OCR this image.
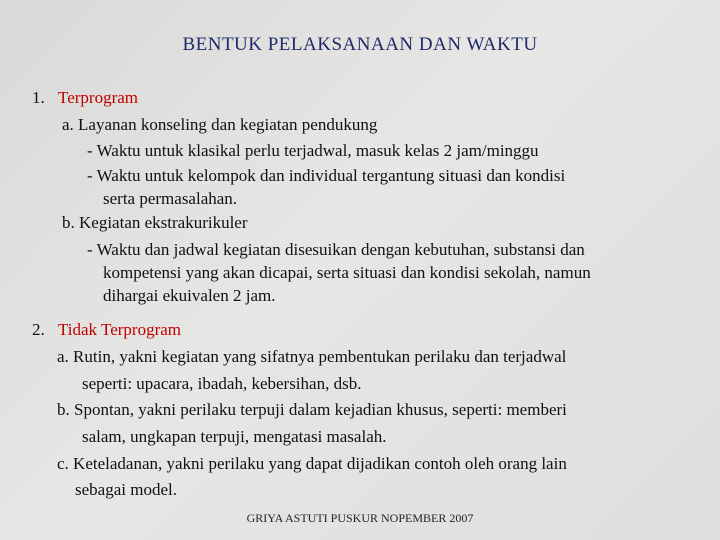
BENTUK PELAKSANAAN DAN WAKTU
1. Terprogram
a. Layanan konseling dan kegiatan pendukung
- Waktu untuk klasikal perlu terjadwal, masuk kelas 2 jam/minggu
- Waktu untuk kelompok dan individual tergantung situasi dan kondisi
serta permasalahan.
b. Kegiatan ekstrakurikuler
- Waktu dan jadwal kegiatan disesuikan dengan kebutuhan, substansi dan
kompetensi yang akan dicapai, serta situasi dan kondisi sekolah, namun
dihargai ekuivalen 2 jam.
2. Tidak Terprogram
a. Rutin, yakni kegiatan yang sifatnya pembentukan perilaku dan terjadwal
seperti: upacara, ibadah, kebersihan, dsb.
b. Spontan, yakni perilaku terpuji dalam kejadian khusus, seperti: memberi
salam, ungkapan terpuji, mengatasi masalah.
c. Keteladanan, yakni perilaku yang dapat dijadikan contoh oleh orang lain
sebagai model.
GRIYA ASTUTI PUSKUR NOPEMBER 2007
